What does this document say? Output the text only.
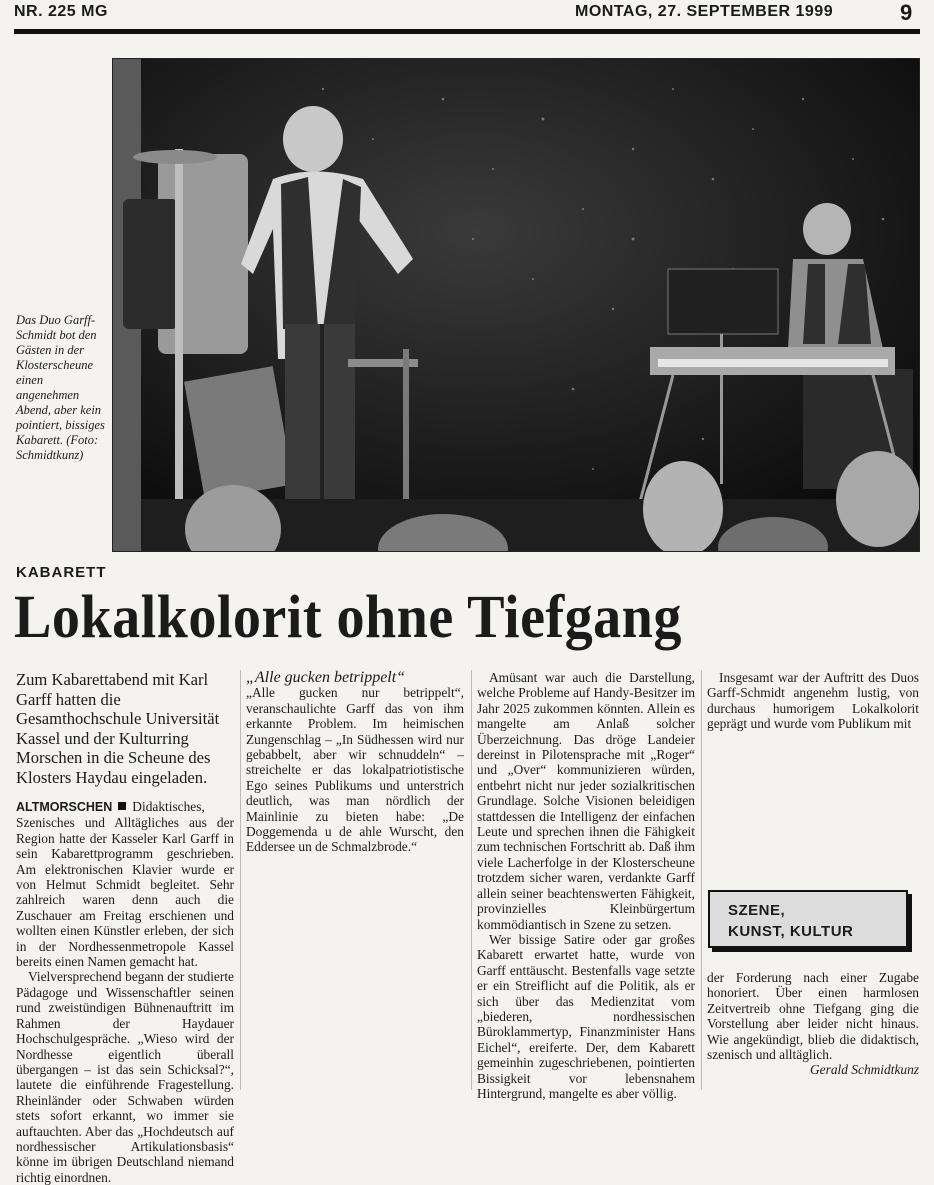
NR. 225 MG	MONTAG, 27. SEPTEMBER 1999	9
Das Duo Garff-Schmidt bot den Gästen in der Klosterscheune einen angenehmen Abend, aber kein pointiert, bissiges Kabarett. (Foto: Schmidtkunz)
KABARETT
Lokalkolorit ohne Tiefgang

Zum Kabarettabend mit Karl Garff hatten die Gesamthochschule Universität Kassel und der Kulturring Morschen in die Scheune des Klosters Haydau eingeladen.

ALTMORSCHEN Didaktisches, Szenisches und Alltägliches aus der Region hatte der Kasseler Karl Garff in sein Kabarettprogramm geschrieben. Am elektronischen Klavier wurde er von Helmut Schmidt begleitet. Sehr zahlreich waren denn auch die Zuschauer am Freitag erschienen und wollten einen Künstler erleben, der sich in der Nordhessenmetropole Kassel bereits einen Namen gemacht hat.

Vielversprechend begann der studierte Pädagoge und Wissenschaftler seinen rund zweistündigen Bühnenauftritt im Rahmen der Haydauer Hochschulgespräche. „Wieso wird der Nordhesse eigentlich überall übergangen – ist das sein Schicksal?“, lautete die einführende Fragestellung. Rheinländer oder Schwaben würden stets sofort erkannt, wo immer sie auftauchten. Aber das „Hochdeutsch auf nordhessischer Artikulationsbasis“ könne im übrigen Deutschland niemand richtig einordnen.

„Alle gucken betrippelt“

„Alle gucken nur betrippelt“, veranschaulichte Garff das von ihm erkannte Problem. Im heimischen Zungenschlag – „In Südhessen wird nur gebabbelt, aber wir schnuddeln“ – streichelte er das lokalpatriotistische Ego seines Publikums und unterstrich deutlich, was man nördlich der Mainlinie zu bieten habe: „De Doggemenda u de ahle Wurscht, den Eddersee un de Schmalzbrode.“

Amüsant war auch die Darstellung, welche Probleme auf Handy-Besitzer im Jahr 2025 zukommen könnten. Allein es mangelte am Anlaß solcher Überzeichnung. Das dröge Landeier dereinst in Pilotensprache mit „Roger“ und „Over“ kommunizieren würden, entbehrt nicht nur jeder sozialkritischen Grundlage. Solche Visionen beleidigen stattdessen die Intelligenz der einfachen Leute und sprechen ihnen die Fähigkeit zum technischen Fortschritt ab. Daß ihm viele Lacherfolge in der Klosterscheune trotzdem sicher waren, verdankte Garff allein seiner beachtenswerten Fähigkeit, provinzielles Kleinbürgertum kommödiantisch in Szene zu setzen.

Wer bissige Satire oder gar großes Kabarett erwartet hatte, wurde von Garff enttäuscht. Bestenfalls vage setzte er ein Streiflicht auf die Politik, als er sich über das Medienzitat vom „biederen, nordhessischen Büroklammertyp, Finanzminister Hans Eichel“, ereiferte. Der, dem Kabarett gemeinhin zugeschriebenen, pointierten Bissigkeit vor lebensnahem Hintergrund, mangelte es aber völlig.

Insgesamt war der Auftritt des Duos Garff-Schmidt angenehm lustig, von durchaus humorigem Lokalkolorit geprägt und wurde vom Publikum mit

SZENE,
KUNST, KULTUR

der Forderung nach einer Zugabe honoriert. Über einen harmlosen Zeitvertreib ohne Tiefgang ging die Vorstellung aber leider nicht hinaus. Wie angekündigt, blieb die didaktisch, szenisch und alltäglich.

Gerald Schmidtkunz
